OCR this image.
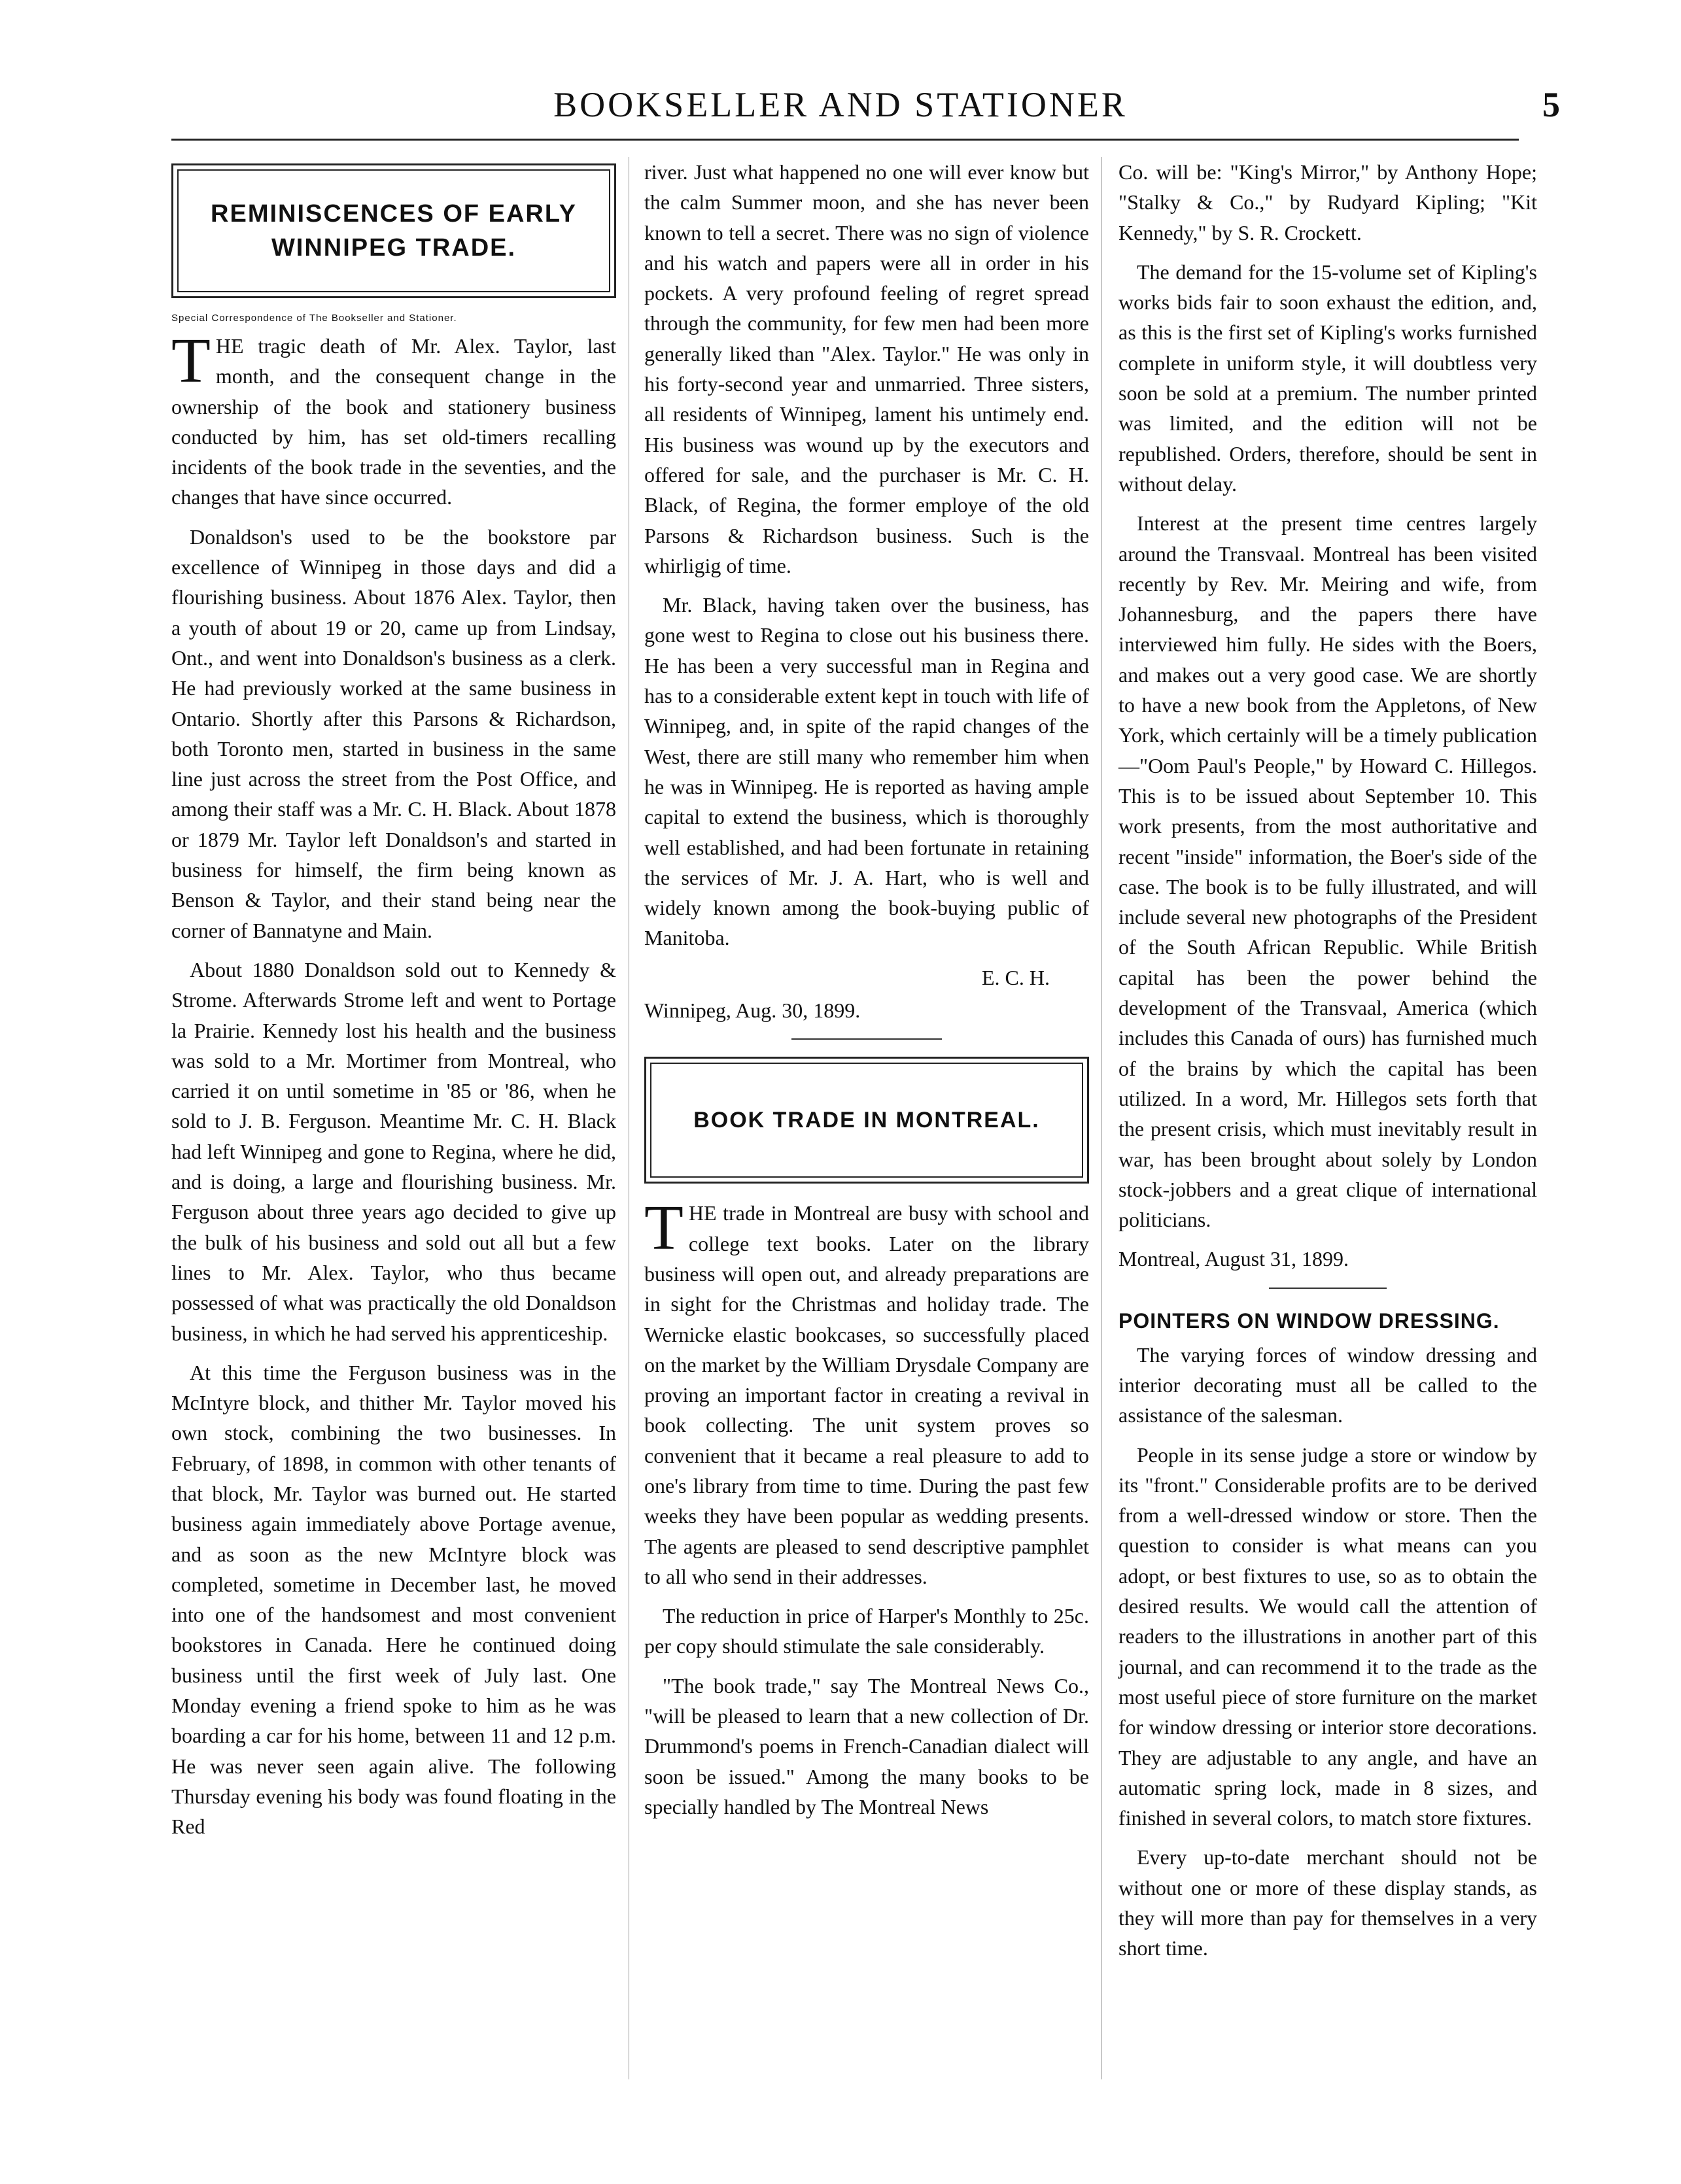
BOOKSELLER AND STATIONER	5
REMINISCENCES OF EARLY WINNIPEG TRADE.
Special Correspondence of The Bookseller and Stationer.

THE tragic death of Mr. Alex. Taylor, last month, and the consequent change in the ownership of the book and stationery business conducted by him, has set old-timers recalling incidents of the book trade in the seventies, and the changes that have since occurred.

Donaldson's used to be the bookstore par excellence of Winnipeg in those days and did a flourishing business. About 1876 Alex. Taylor, then a youth of about 19 or 20, came up from Lindsay, Ont., and went into Donaldson's business as a clerk. He had previously worked at the same business in Ontario. Shortly after this Parsons & Richardson, both Toronto men, started in business in the same line just across the street from the Post Office, and among their staff was a Mr. C. H. Black. About 1878 or 1879 Mr. Taylor left Donaldson's and started in business for himself, the firm being known as Benson & Taylor, and their stand being near the corner of Bannatyne and Main.

About 1880 Donaldson sold out to Kennedy & Strome. Afterwards Strome left and went to Portage la Prairie. Kennedy lost his health and the business was sold to a Mr. Mortimer from Montreal, who carried it on until sometime in '85 or '86, when he sold to J. B. Ferguson. Meantime Mr. C. H. Black had left Winnipeg and gone to Regina, where he did, and is doing, a large and flourishing business. Mr. Ferguson about three years ago decided to give up the bulk of his business and sold out all but a few lines to Mr. Alex. Taylor, who thus became possessed of what was practically the old Donaldson business, in which he had served his apprenticeship.

At this time the Ferguson business was in the McIntyre block, and thither Mr. Taylor moved his own stock, combining the two businesses. In February, of 1898, in common with other tenants of that block, Mr. Taylor was burned out. He started business again immediately above Portage avenue, and as soon as the new McIntyre block was completed, sometime in December last, he moved into one of the handsomest and most convenient bookstores in Canada. Here he continued doing business until the first week of July last. One Monday evening a friend spoke to him as he was boarding a car for his home, between 11 and 12 p.m. He was never seen again alive. The following Thursday evening his body was found floating in the Red

river. Just what happened no one will ever know but the calm Summer moon, and she has never been known to tell a secret. There was no sign of violence and his watch and papers were all in order in his pockets. A very profound feeling of regret spread through the community, for few men had been more generally liked than "Alex. Taylor." He was only in his forty-second year and unmarried. Three sisters, all residents of Winnipeg, lament his untimely end. His business was wound up by the executors and offered for sale, and the purchaser is Mr. C. H. Black, of Regina, the former employe of the old Parsons & Richardson business. Such is the whirligig of time.

Mr. Black, having taken over the business, has gone west to Regina to close out his business there. He has been a very successful man in Regina and has to a considerable extent kept in touch with life of Winnipeg, and, in spite of the rapid changes of the West, there are still many who remember him when he was in Winnipeg. He is reported as having ample capital to extend the business, which is thoroughly well established, and had been fortunate in retaining the services of Mr. J. A. Hart, who is well and widely known among the book-buying public of Manitoba.

E. C. H.
Winnipeg, Aug. 30, 1899.
BOOK TRADE IN MONTREAL.

THE trade in Montreal are busy with school and college text books. Later on the library business will open out, and already preparations are in sight for the Christmas and holiday trade. The Wernicke elastic bookcases, so successfully placed on the market by the William Drysdale Company are proving an important factor in creating a revival in book collecting. The unit system proves so convenient that it became a real pleasure to add to one's library from time to time. During the past few weeks they have been popular as wedding presents. The agents are pleased to send descriptive pamphlet to all who send in their addresses.

The reduction in price of Harper's Monthly to 25c. per copy should stimulate the sale considerably.

"The book trade," say The Montreal News Co., "will be pleased to learn that a new collection of Dr. Drummond's poems in French-Canadian dialect will soon be issued." Among the many books to be specially handled by The Montreal News

Co. will be: "King's Mirror," by Anthony Hope; "Stalky & Co.," by Rudyard Kipling; "Kit Kennedy," by S. R. Crockett.

The demand for the 15-volume set of Kipling's works bids fair to soon exhaust the edition, and, as this is the first set of Kipling's works furnished complete in uniform style, it will doubtless very soon be sold at a premium. The number printed was limited, and the edition will not be republished. Orders, therefore, should be sent in without delay.

Interest at the present time centres largely around the Transvaal. Montreal has been visited recently by Rev. Mr. Meiring and wife, from Johannesburg, and the papers there have interviewed him fully. He sides with the Boers, and makes out a very good case. We are shortly to have a new book from the Appletons, of New York, which certainly will be a timely publication—"Oom Paul's People," by Howard C. Hillegos. This is to be issued about September 10. This work presents, from the most authoritative and recent "inside" information, the Boer's side of the case. The book is to be fully illustrated, and will include several new photographs of the President of the South African Republic. While British capital has been the power behind the development of the Transvaal, America (which includes this Canada of ours) has furnished much of the brains by which the capital has been utilized. In a word, Mr. Hillegos sets forth that the present crisis, which must inevitably result in war, has been brought about solely by London stock-jobbers and a great clique of international politicians.

Montreal, August 31, 1899.
POINTERS ON WINDOW DRESSING.

The varying forces of window dressing and interior decorating must all be called to the assistance of the salesman.

People in its sense judge a store or window by its "front." Considerable profits are to be derived from a well-dressed window or store. Then the question to consider is what means can you adopt, or best fixtures to use, so as to obtain the desired results. We would call the attention of readers to the illustrations in another part of this journal, and can recommend it to the trade as the most useful piece of store furniture on the market for window dressing or interior store decorations. They are adjustable to any angle, and have an automatic spring lock, made in 8 sizes, and finished in several colors, to match store fixtures.

Every up-to-date merchant should not be without one or more of these display stands, as they will more than pay for themselves in a very short time.
